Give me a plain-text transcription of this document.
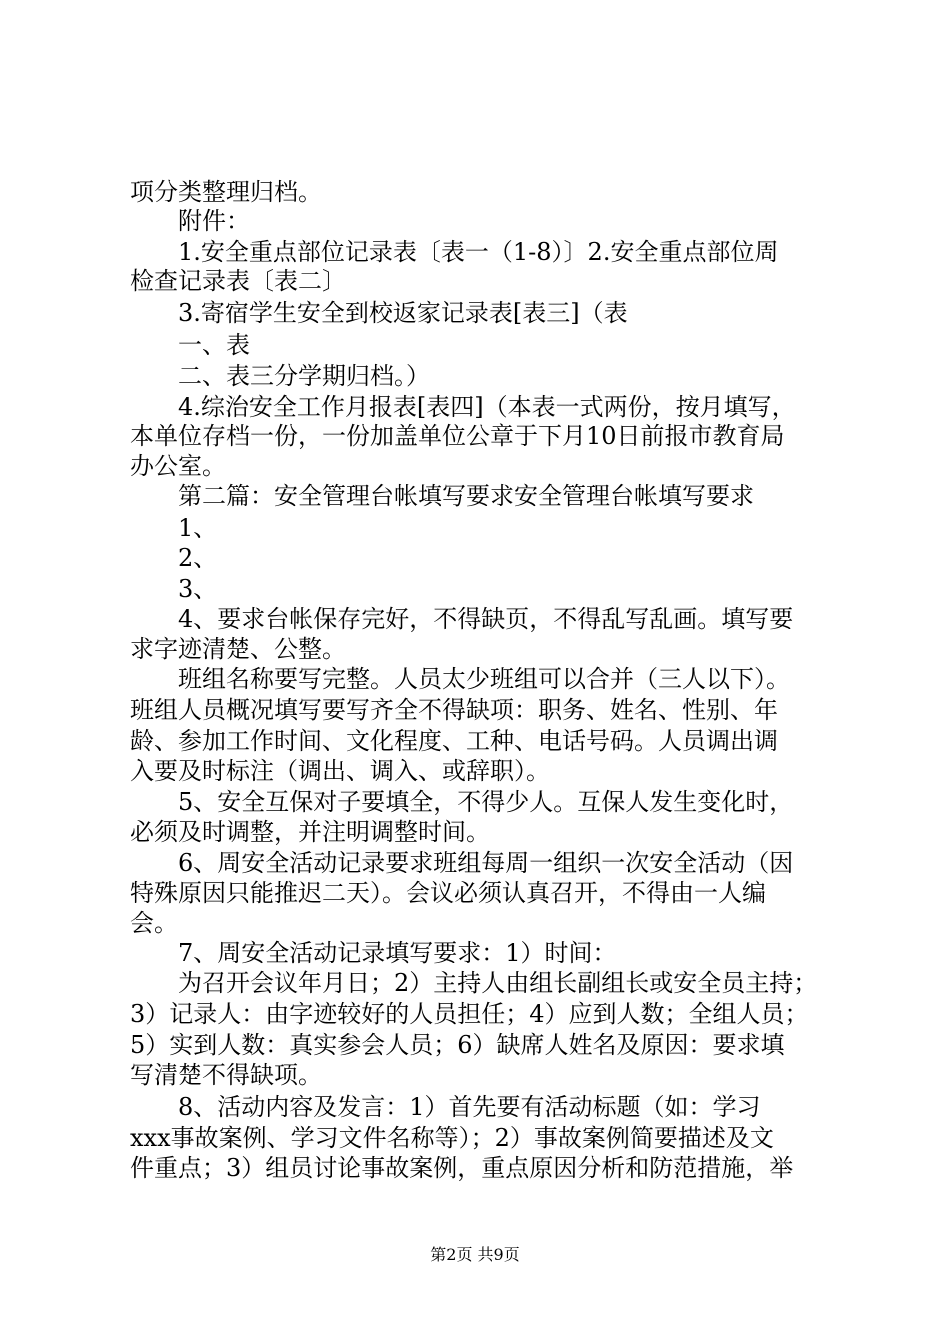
项分类整理归档。
附件：
1.安全重点部位记录表〔表一（1-8）〕2.安全重点部位周
检查记录表〔表二〕
3.寄宿学生安全到校返家记录表[表三]（表
一、表
二、表三分学期归档。）
4.综治安全工作月报表[表四]（本表一式两份，按月填写，
本单位存档一份，一份加盖单位公章于下月10日前报市教育局
办公室。
第二篇：安全管理台帐填写要求安全管理台帐填写要求
1、
2、
3、
4、要求台帐保存完好，不得缺页，不得乱写乱画。填写要
求字迹清楚、公整。
班组名称要写完整。人员太少班组可以合并（三人以下）。
班组人员概况填写要写齐全不得缺项：职务、姓名、性别、年
龄、参加工作时间、文化程度、工种、电话号码。人员调出调
入要及时标注（调出、调入、或辞职）。
5、安全互保对子要填全，不得少人。互保人发生变化时，
必须及时调整，并注明调整时间。
6、周安全活动记录要求班组每周一组织一次安全活动（因
特殊原因只能推迟二天）。会议必须认真召开，不得由一人编
会。
7、周安全活动记录填写要求：1）时间：
为召开会议年月日；2）主持人由组长副组长或安全员主持；
3）记录人：由字迹较好的人员担任；4）应到人数；全组人员；
5）实到人数：真实参会人员；6）缺席人姓名及原因：要求填
写清楚不得缺项。
8、活动内容及发言：1）首先要有活动标题（如：学习
xxx事故案例、学习文件名称等）；2）事故案例简要描述及文
件重点；3）组员讨论事故案例，重点原因分析和防范措施，举
第2页 共9页
